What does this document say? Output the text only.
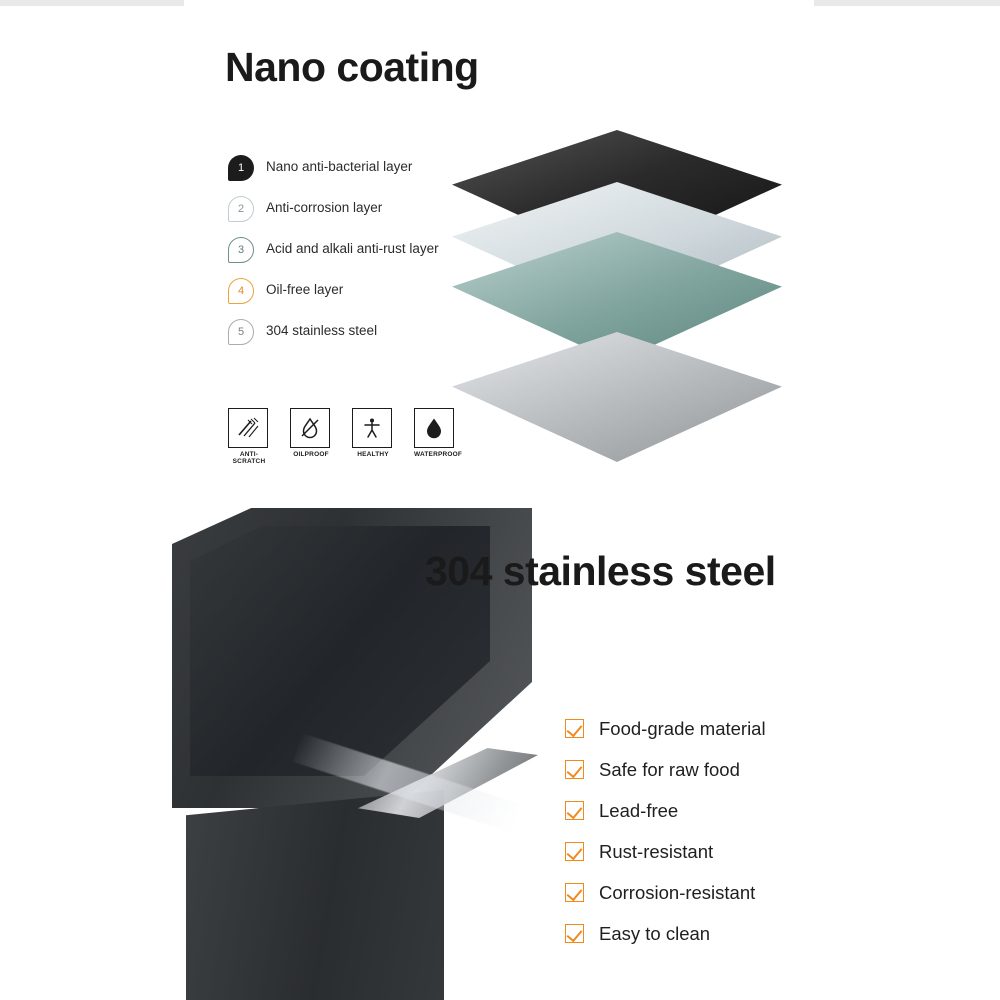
Nano coating
1	Nano anti-bacterial layer
2	Anti-corrosion layer
3	Acid and alkali anti-rust layer
4	Oil-free layer
5	304 stainless steel
ANTI-SCRATCH
OILPROOF	HEALTHY	WATERPROOF
304 stainless steel
Food-grade material
Safe for raw food
Lead-free
Rust-resistant
Corrosion-resistant
Easy to clean
